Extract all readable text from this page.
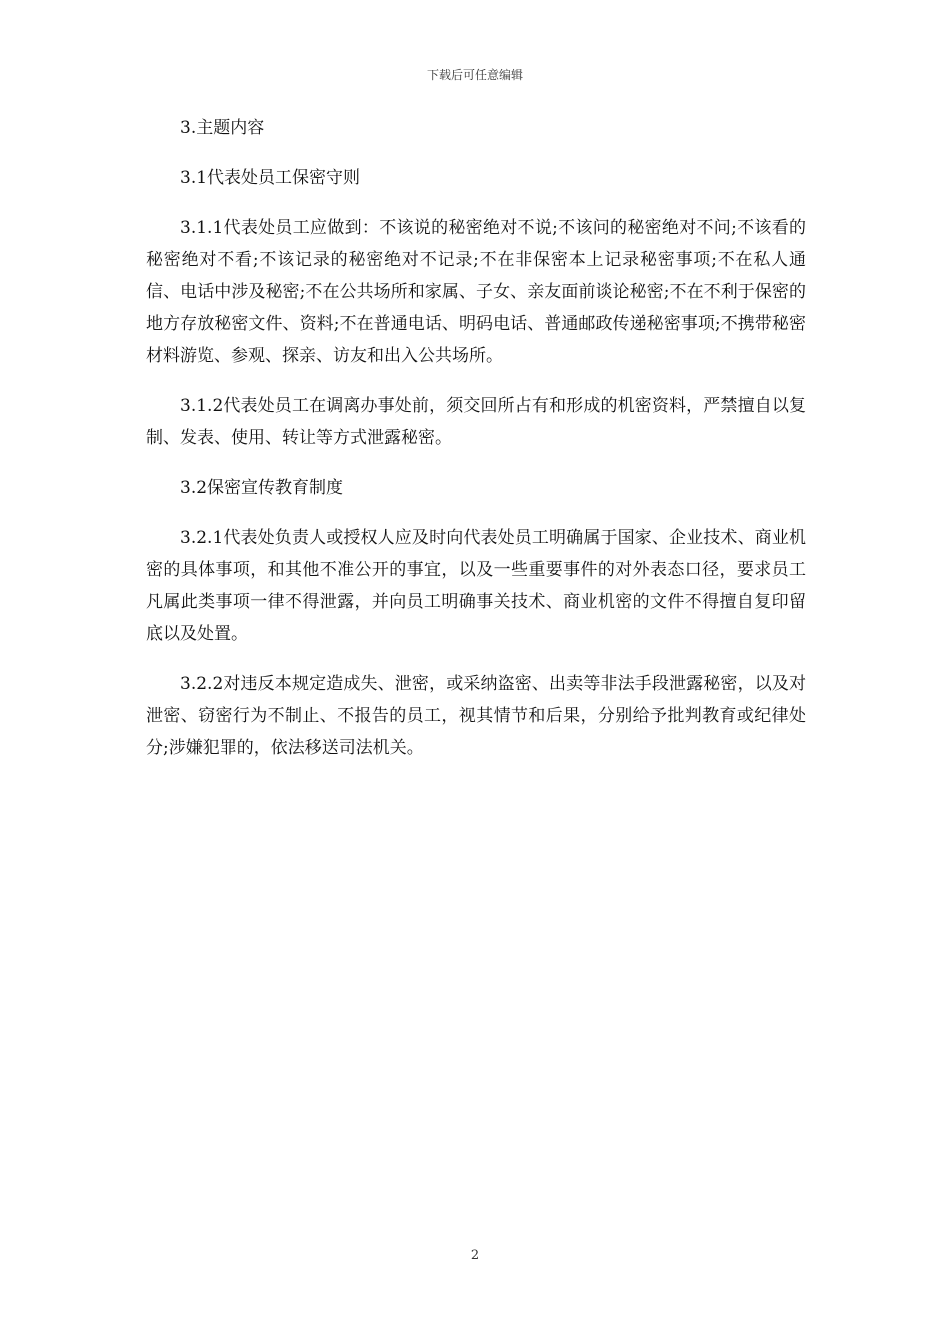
下载后可任意编辑

3.主题内容

3.1代表处员工保密守则

3.1.1代表处员工应做到：不该说的秘密绝对不说;不该问的秘密绝对不问;不该看的秘密绝对不看;不该记录的秘密绝对不记录;不在非保密本上记录秘密事项;不在私人通信、电话中涉及秘密;不在公共场所和家属、子女、亲友面前谈论秘密;不在不利于保密的地方存放秘密文件、资料;不在普通电话、明码电话、普通邮政传递秘密事项;不携带秘密材料游览、参观、探亲、访友和出入公共场所。

3.1.2代表处员工在调离办事处前，须交回所占有和形成的机密资料，严禁擅自以复制、发表、使用、转让等方式泄露秘密。

3.2保密宣传教育制度

3.2.1代表处负责人或授权人应及时向代表处员工明确属于国家、企业技术、商业机密的具体事项，和其他不准公开的事宜，以及一些重要事件的对外表态口径，要求员工凡属此类事项一律不得泄露，并向员工明确事关技术、商业机密的文件不得擅自复印留底以及处置。

3.2.2对违反本规定造成失、泄密，或采纳盗密、出卖等非法手段泄露秘密，以及对泄密、窃密行为不制止、不报告的员工，视其情节和后果，分别给予批判教育或纪律处分;涉嫌犯罪的，依法移送司法机关。

2
